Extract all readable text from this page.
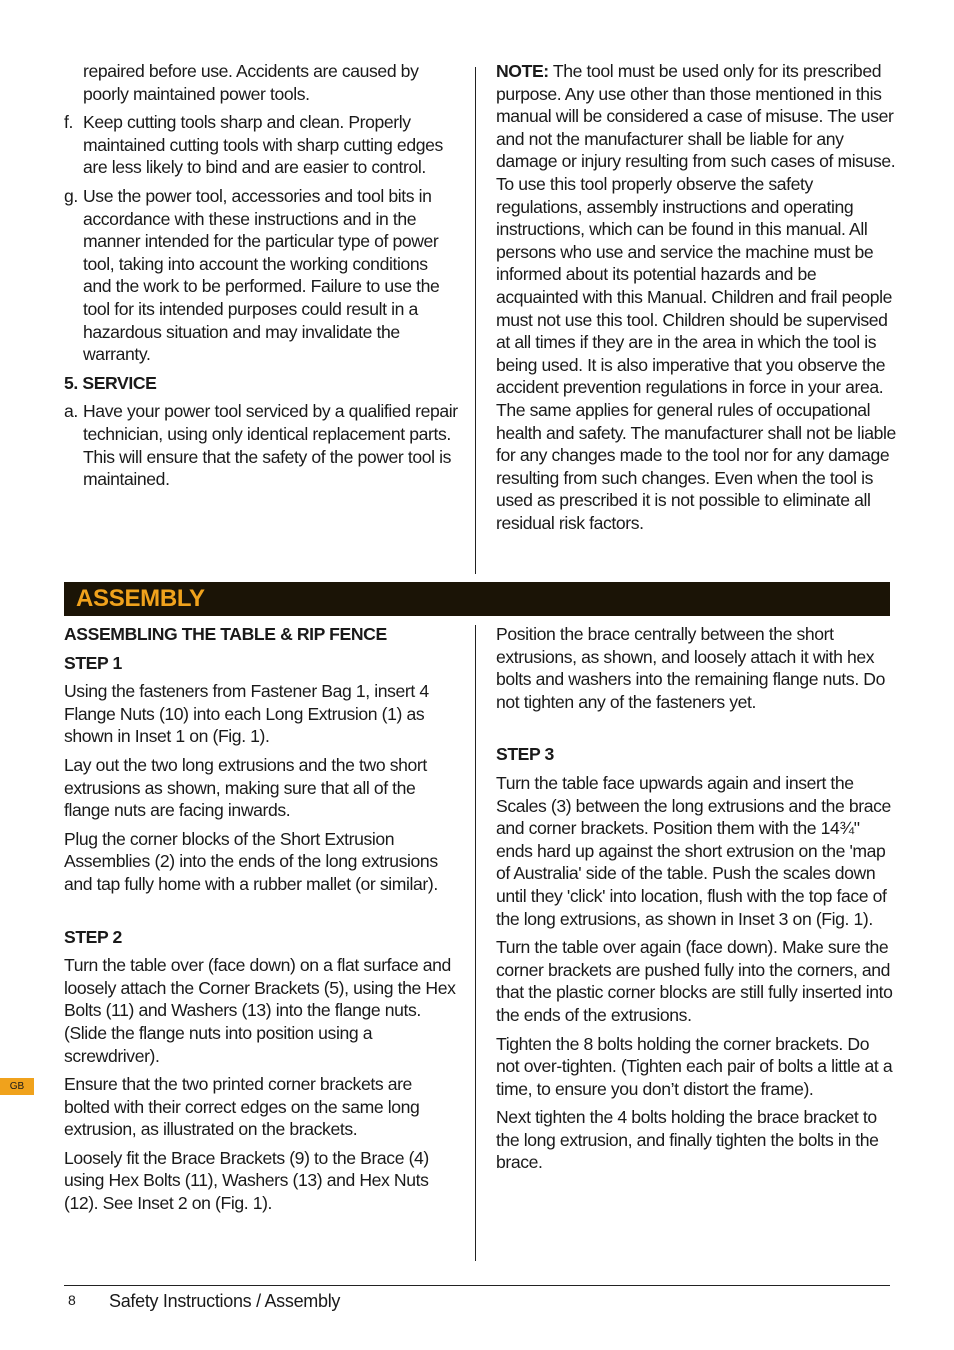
repaired before use. Accidents are caused by poorly maintained power tools.

f. Keep cutting tools sharp and clean. Properly maintained cutting tools with sharp cutting edges are less likely to bind and are easier to control.
g. Use the power tool, accessories and tool bits in accordance with these instructions and in the manner intended for the particular type of power tool, taking into account the working conditions and the work to be performed. Failure to use the tool for its intended purposes could result in a hazardous situation and may invalidate the warranty.
5. SERVICE
a. Have your power tool serviced by a qualified repair technician, using only identical replacement parts. This will ensure that the safety of the power tool is maintained.

NOTE: The tool must be used only for its prescribed purpose. Any use other than those mentioned in this manual will be considered a case of misuse. The user and not the manufacturer shall be liable for any damage or injury resulting from such cases of misuse. To use this tool properly observe the safety regulations, assembly instructions and operating instructions, which can be found in this manual. All persons who use and service the machine must be informed about its potential hazards and be acquainted with this Manual. Children and frail people must not use this tool. Children should be supervised at all times if they are in the area in which the tool is being used. It is also imperative that you observe the accident prevention regulations in force in your area. The same applies for general rules of occupational health and safety. The manufacturer shall not be liable for any changes made to the tool nor for any damage resulting from such changes. Even when the tool is used as prescribed it is not possible to eliminate all residual risk factors.

ASSEMBLY
ASSEMBLING THE TABLE & RIP FENCE
STEP 1

Using the fasteners from Fastener Bag 1, insert 4 Flange Nuts (10) into each Long Extrusion (1) as shown in Inset 1 on (Fig. 1).

Lay out the two long extrusions and the two short extrusions as shown, making sure that all of the flange nuts are facing inwards.

Plug the corner blocks of the Short Extrusion Assemblies (2) into the ends of the long extrusions and tap fully home with a rubber mallet (or similar).

STEP 2

Turn the table over (face down) on a flat surface and loosely attach the Corner Brackets (5), using the Hex Bolts (11) and Washers (13) into the flange nuts. (Slide the flange nuts into position using a screwdriver).

Ensure that the two printed corner brackets are bolted with their correct edges on the same long extrusion, as illustrated on the brackets.

Loosely fit the Brace Brackets (9) to the Brace (4) using Hex Bolts (11), Washers (13) and Hex Nuts (12). See Inset 2 on (Fig. 1).

Position the brace centrally between the short extrusions, as shown, and loosely attach it with hex bolts and washers into the remaining flange nuts. Do not tighten any of the fasteners yet.

STEP 3

Turn the table face upwards again and insert the Scales (3) between the long extrusions and the brace and corner brackets. Position them with the 14¾" ends hard up against the short extrusion on the 'map of Australia' side of the table. Push the scales down until they 'click' into location, flush with the top face of the long extrusions, as shown in Inset 3 on (Fig. 1).

Turn the table over again (face down). Make sure the corner brackets are pushed fully into the corners, and that the plastic corner blocks are still fully inserted into the ends of the extrusions.

Tighten the 8 bolts holding the corner brackets. Do not over-tighten. (Tighten each pair of bolts a little at a time, to ensure you don’t distort the frame).

Next tighten the 4 bolts holding the brace bracket to the long extrusion, and finally tighten the bolts in the brace.

GB
8 Safety Instructions / Assembly
